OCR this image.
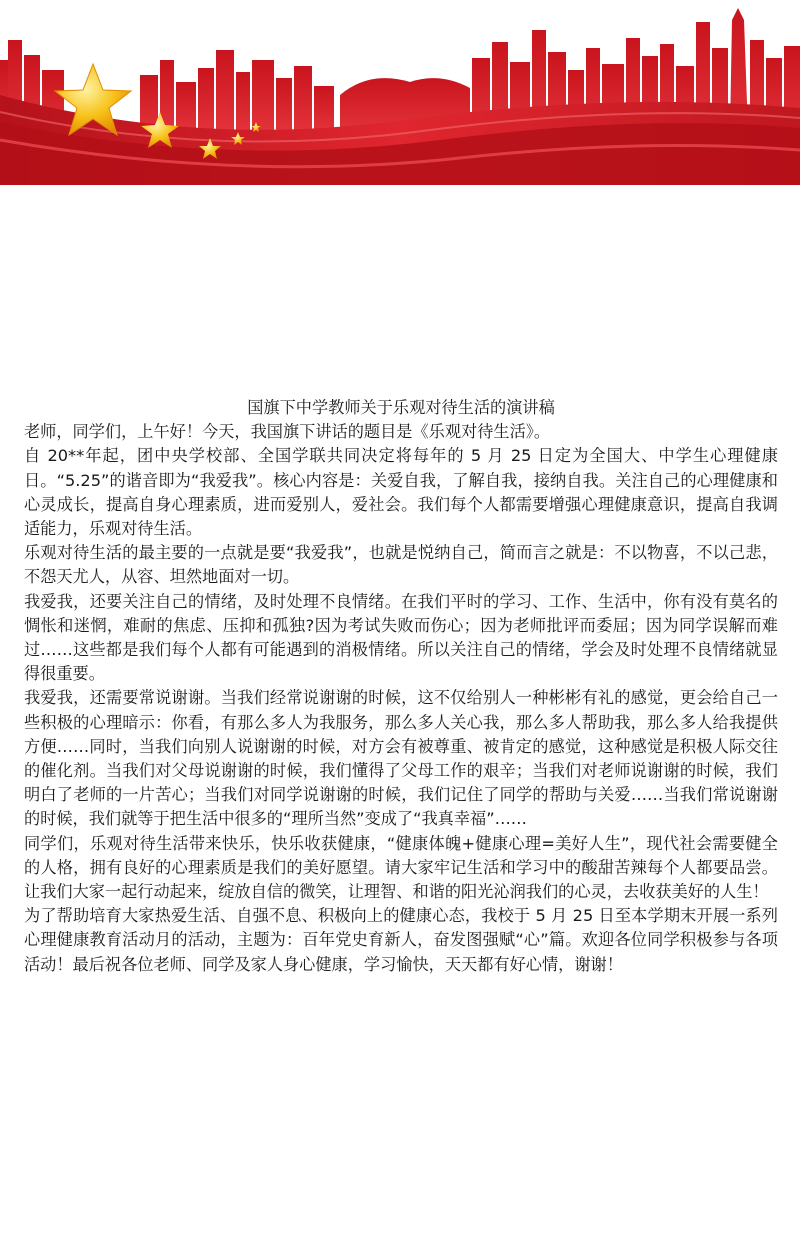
国旗下中学教师关于乐观对待生活的演讲稿

老师，同学们，上午好！今天，我国旗下讲话的题目是《乐观对待生活》。

自 20**年起，团中央学校部、全国学联共同决定将每年的 5 月 25 日定为全国大、中学生心理健康日。“5.25”的谐音即为“我爱我”。核心内容是：关爱自我，了解自我，接纳自我。关注自己的心理健康和心灵成长，提高自身心理素质，进而爱别人，爱社会。我们每个人都需要增强心理健康意识，提高自我调适能力，乐观对待生活。

乐观对待生活的最主要的一点就是要“我爱我”，也就是悦纳自己，简而言之就是：不以物喜，不以己悲，不怨天尤人，从容、坦然地面对一切。

我爱我，还要关注自己的情绪，及时处理不良情绪。在我们平时的学习、工作、生活中，你有没有莫名的惆怅和迷惘，难耐的焦虑、压抑和孤独?因为考试失败而伤心；因为老师批评而委屈；因为同学误解而难过……这些都是我们每个人都有可能遇到的消极情绪。所以关注自己的情绪，学会及时处理不良情绪就显得很重要。

我爱我，还需要常说谢谢。当我们经常说谢谢的时候，这不仅给别人一种彬彬有礼的感觉，更会给自己一些积极的心理暗示：你看，有那么多人为我服务，那么多人关心我，那么多人帮助我，那么多人给我提供方便……同时，当我们向别人说谢谢的时候，对方会有被尊重、被肯定的感觉，这种感觉是积极人际交往的催化剂。当我们对父母说谢谢的时候，我们懂得了父母工作的艰辛；当我们对老师说谢谢的时候，我们明白了老师的一片苦心；当我们对同学说谢谢的时候，我们记住了同学的帮助与关爱……当我们常说谢谢的时候，我们就等于把生活中很多的“理所当然”变成了“我真幸福”……

同学们，乐观对待生活带来快乐，快乐收获健康，“健康体魄+健康心理=美好人生”，现代社会需要健全的人格，拥有良好的心理素质是我们的美好愿望。请大家牢记生活和学习中的酸甜苦辣每个人都要品尝。让我们大家一起行动起来，绽放自信的微笑，让理智、和谐的阳光沁润我们的心灵，去收获美好的人生！

为了帮助培育大家热爱生活、自强不息、积极向上的健康心态，我校于 5 月 25 日至本学期末开展一系列心理健康教育活动月的活动，主题为：百年党史育新人，奋发图强赋“心”篇。欢迎各位同学积极参与各项活动！最后祝各位老师、同学及家人身心健康，学习愉快，天天都有好心情，谢谢！
